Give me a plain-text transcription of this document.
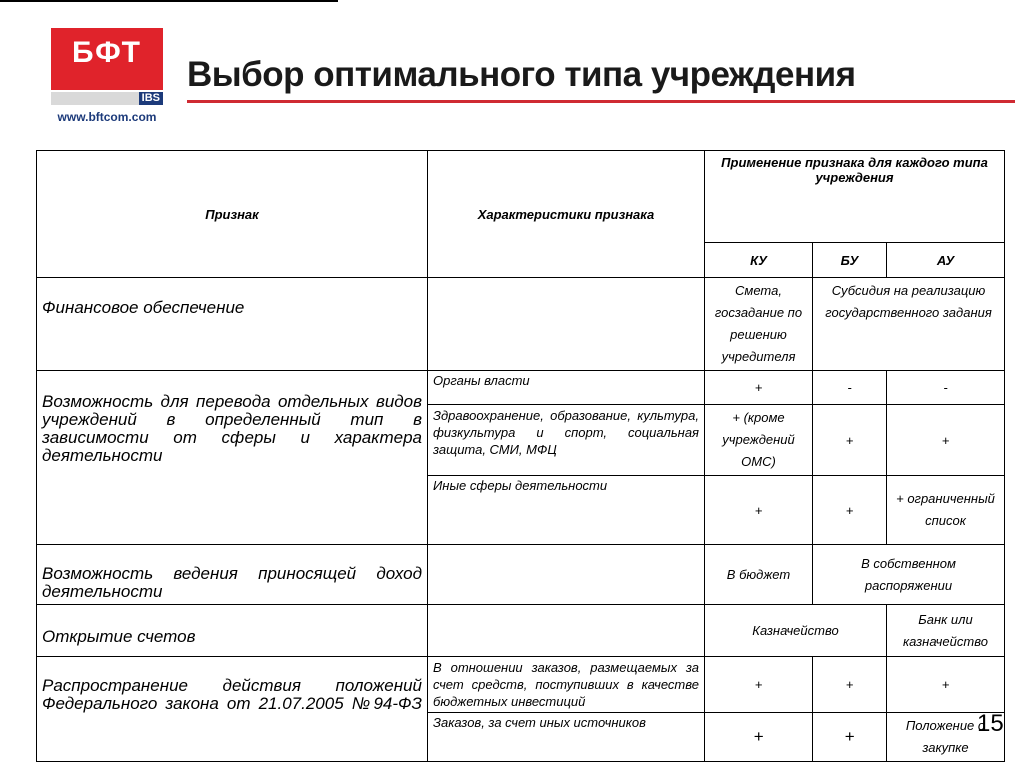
БФТ
IBS
www.bftcom.com
Выбор оптимального типа учреждения
Признак	Характеристики признака	Применение признака для каждого типа учреждения		
		КУ	БУ	АУ
Финансовое обеспечение		Смета, госзадание по решению учредителя	Субсидия на реализацию государственного задания	
Возможность для перевода отдельных видов учреждений в определенный тип в зависимости от сферы и характера деятельности	Органы власти	+	-	-
	Здравоохранение, образование, культура, физкультура и спорт, социальная защита, СМИ, МФЦ	+ (кроме учреждений ОМС)	+	+
	Иные сферы деятельности	+	+	+ ограниченный список
Возможность ведения приносящей доход деятельности		В бюджет	В собственном распоряжении	
Открытие счетов		Казначейство		Банк или казначейство
Распространение действия положений Федерального закона от 21.07.2005 №94-ФЗ	В отношении заказов, размещаемых за счет средств, поступивших в качестве бюджетных инвестиций	+	+	+
	Заказов, за счет иных источников	+	+	Положение о закупке
15
